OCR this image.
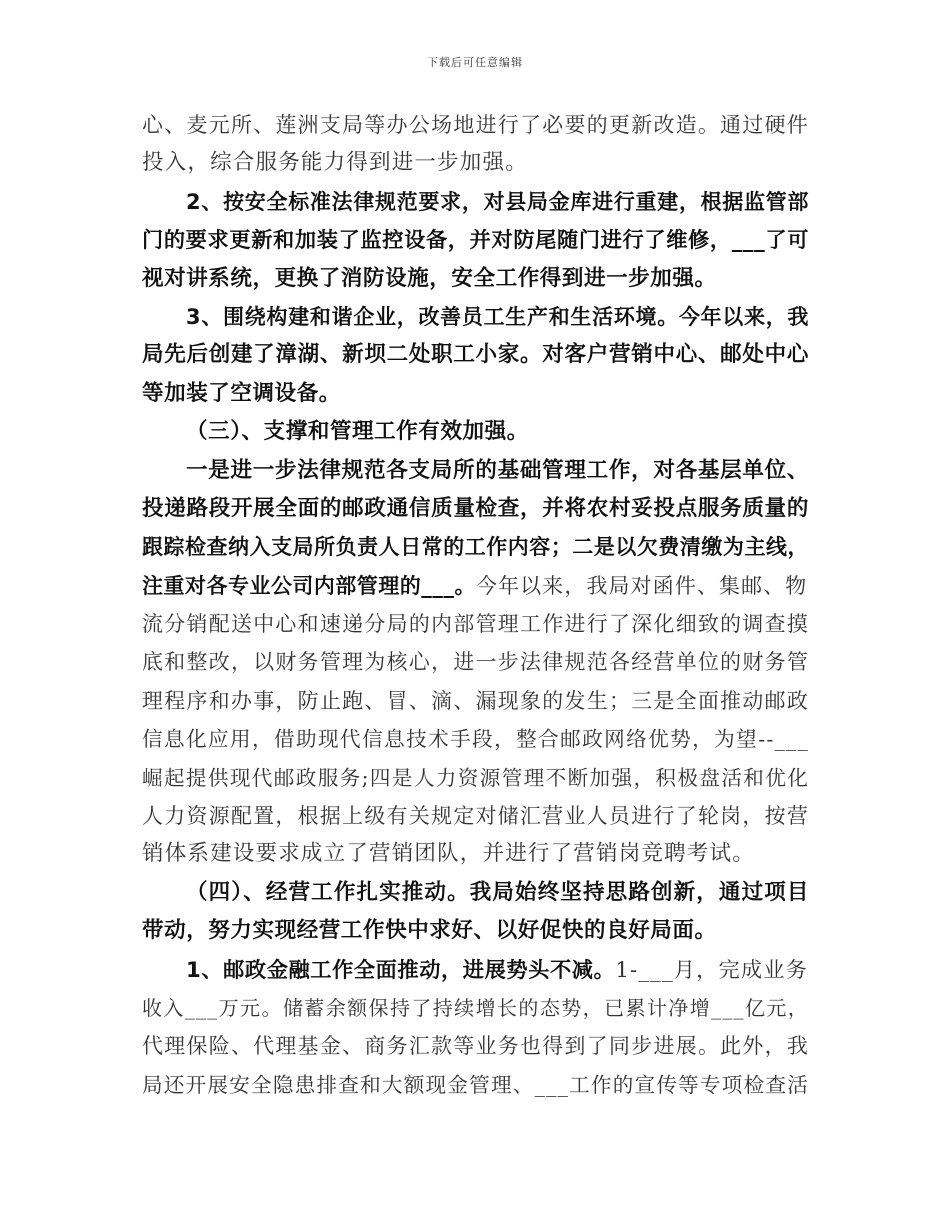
下载后可任意编辑
心、麦元所、莲洲支局等办公场地进行了必要的更新改造。通过硬件
投入，综合服务能力得到进一步加强。
2、按安全标准法律规范要求，对县局金库进行重建，根据监管部
门的要求更新和加装了监控设备，并对防尾随门进行了维修，___了可
视对讲系统，更换了消防设施，安全工作得到进一步加强。
3、围绕构建和谐企业，改善员工生产和生活环境。今年以来，我
局先后创建了漳湖、新坝二处职工小家。对客户营销中心、邮处中心
等加装了空调设备。
（三）、支撑和管理工作有效加强。
一是进一步法律规范各支局所的基础管理工作，对各基层单位、
投递路段开展全面的邮政通信质量检查，并将农村妥投点服务质量的
跟踪检查纳入支局所负责人日常的工作内容；二是以欠费清缴为主线，
注重对各专业公司内部管理的___。今年以来，我局对函件、集邮、物
流分销配送中心和速递分局的内部管理工作进行了深化细致的调查摸
底和整改，以财务管理为核心，进一步法律规范各经营单位的财务管
理程序和办事，防止跑、冒、滴、漏现象的发生；三是全面推动邮政
信息化应用，借助现代信息技术手段，整合邮政网络优势，为望--___
崛起提供现代邮政服务;四是人力资源管理不断加强，积极盘活和优化
人力资源配置，根据上级有关规定对储汇营业人员进行了轮岗，按营
销体系建设要求成立了营销团队，并进行了营销岗竞聘考试。
（四）、经营工作扎实推动。我局始终坚持思路创新，通过项目
带动，努力实现经营工作快中求好、以好促快的良好局面。
1、邮政金融工作全面推动，进展势头不减。1-___月，完成业务
收入___万元。储蓄余额保持了持续增长的态势，已累计净增___亿元，
代理保险、代理基金、商务汇款等业务也得到了同步进展。此外，我
局还开展安全隐患排查和大额现金管理、___工作的宣传等专项检查活
